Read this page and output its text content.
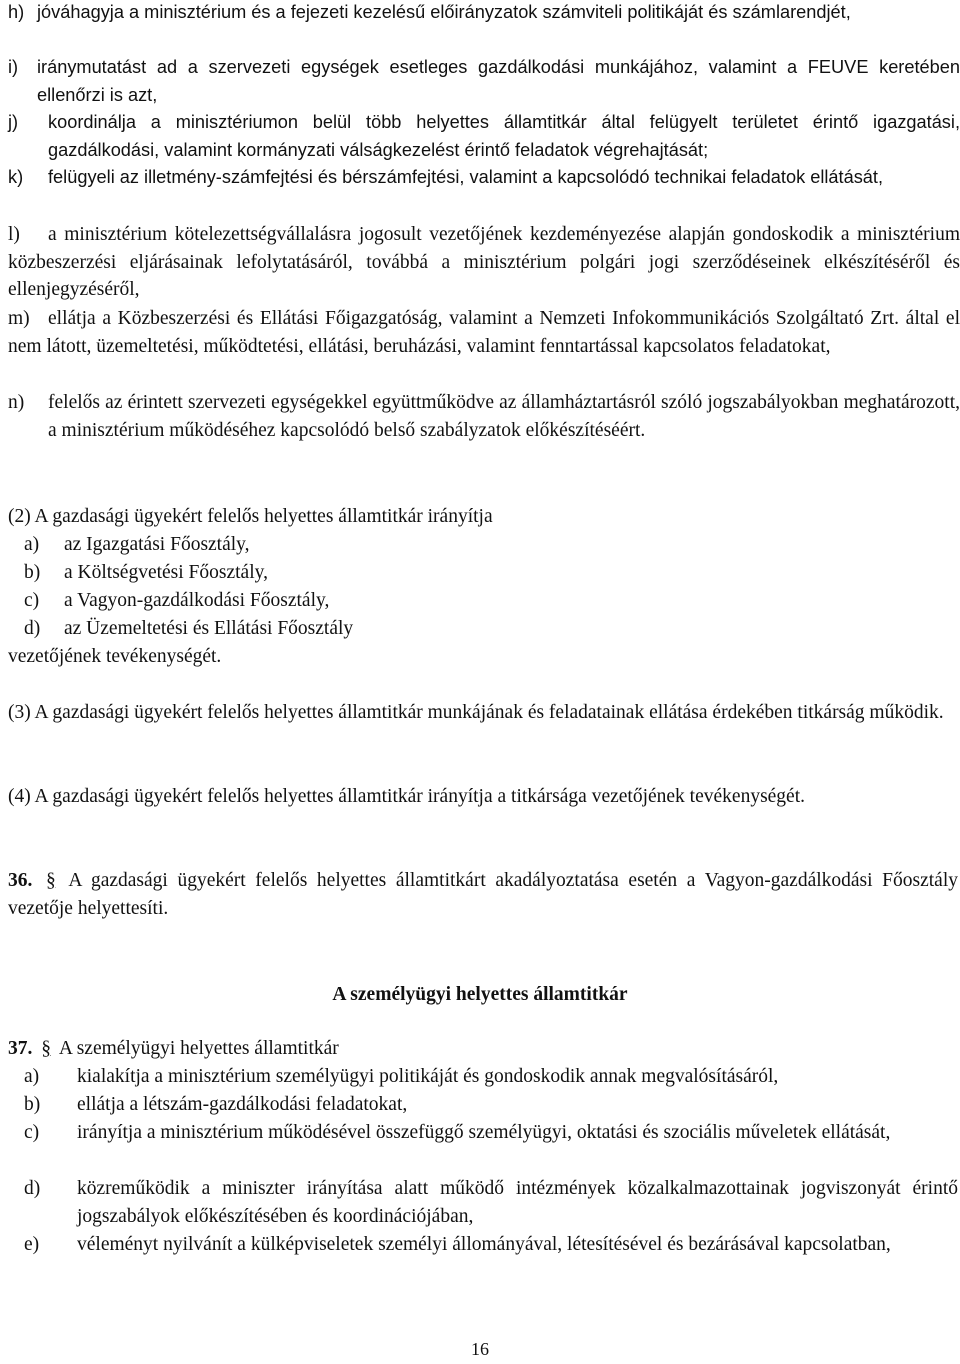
h) jóváhagyja a minisztérium és a fejezeti kezelésű előirányzatok számviteli politikáját és számlarendjét,
i)	iránymutatást ad a szervezeti egységek esetleges gazdálkodási munkájához, valamint a FEUVE keretében ellenőrzi is azt,
j)	koordinálja a minisztériumon belül több helyettes államtitkár által felügyelt területet érintő igazgatási, gazdálkodási, valamint kormányzati válságkezelést érintő feladatok végrehajtását;
k)	felügyeli az illetmény-számfejtési és bérszámfejtési, valamint a kapcsolódó technikai feladatok ellátását,
l)	a minisztérium kötelezettségvállalásra jogosult vezetőjének kezdeményezése alapján gondoskodik a minisztérium közbeszerzési eljárásainak lefolytatásáról, továbbá a minisztérium polgári jogi szerződéseinek elkészítéséről és ellenjegyzéséről,
m) ellátja a Közbeszerzési és Ellátási Főigazgatóság, valamint a Nemzeti Infokommunikációs Szolgáltató Zrt. által el nem látott, üzemeltetési, működtetési, ellátási, beruházási, valamint fenntartással kapcsolatos feladatokat,
n)	felelős az érintett szervezeti egységekkel együttműködve az államháztartásról szóló jogszabályokban meghatározott, a minisztérium működéséhez kapcsolódó belső szabályzatok előkészítéséért.
(2) A gazdasági ügyekért felelős helyettes államtitkár irányítja
a) az Igazgatási Főosztály,
b) a Költségvetési Főosztály,
c) a Vagyon-gazdálkodási Főosztály,
d) az Üzemeltetési és Ellátási Főosztály
vezetőjének tevékenységét.
(3) A gazdasági ügyekért felelős helyettes államtitkár munkájának és feladatainak ellátása érdekében titkárság működik.
(4) A gazdasági ügyekért felelős helyettes államtitkár irányítja a titkársága vezetőjének tevékenységét.
36. § A gazdasági ügyekért felelős helyettes államtitkárt akadályoztatása esetén a Vagyon-gazdálkodási Főosztály vezetője helyettesíti.
A személyügyi helyettes államtitkár
37. § A személyügyi helyettes államtitkár
a)	kialakítja a minisztérium személyügyi politikáját és gondoskodik annak megvalósításáról,
b)	ellátja a létszám-gazdálkodási feladatokat,
c)	irányítja a minisztérium működésével összefüggő személyügyi, oktatási és szociális műveletek ellátását,
d)	közreműködik a miniszter irányítása alatt működő intézmények közalkalmazottainak jogviszonyát érintő jogszabályok előkészítésében és koordinációjában,
e)	véleményt nyilvánít a külképviseletek személyi állományával, létesítésével és bezárásával kapcsolatban,
16
